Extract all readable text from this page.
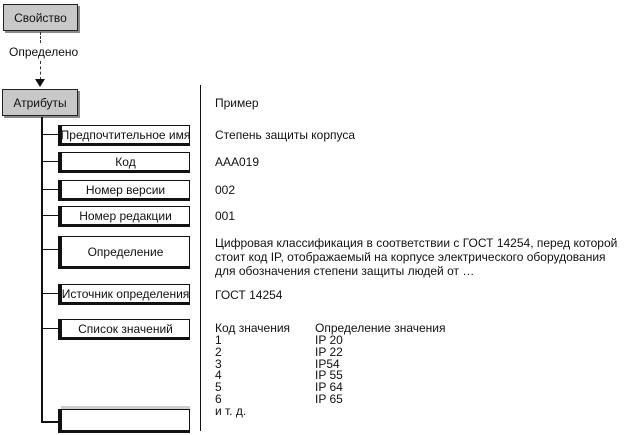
Свойство
Определено
Атрибуты
Предпочтительное имя
Код
Номер версии
Номер редакции
Определение
Источник определения
Список значений
Пример
Степень защиты корпуса
AAA019
002
001
Цифровая классификация в соответствии с ГОСТ 14254, перед которой стоит код IP, отображаемый на корпусе электрического оборудования для обозначения степени защиты людей от …
ГОСТ 14254
Код значения Определение значения
1
2
3
4
5
6
и т. д.
IP 20
IP 22
IP54
IP 55
IP 64
IP 65
